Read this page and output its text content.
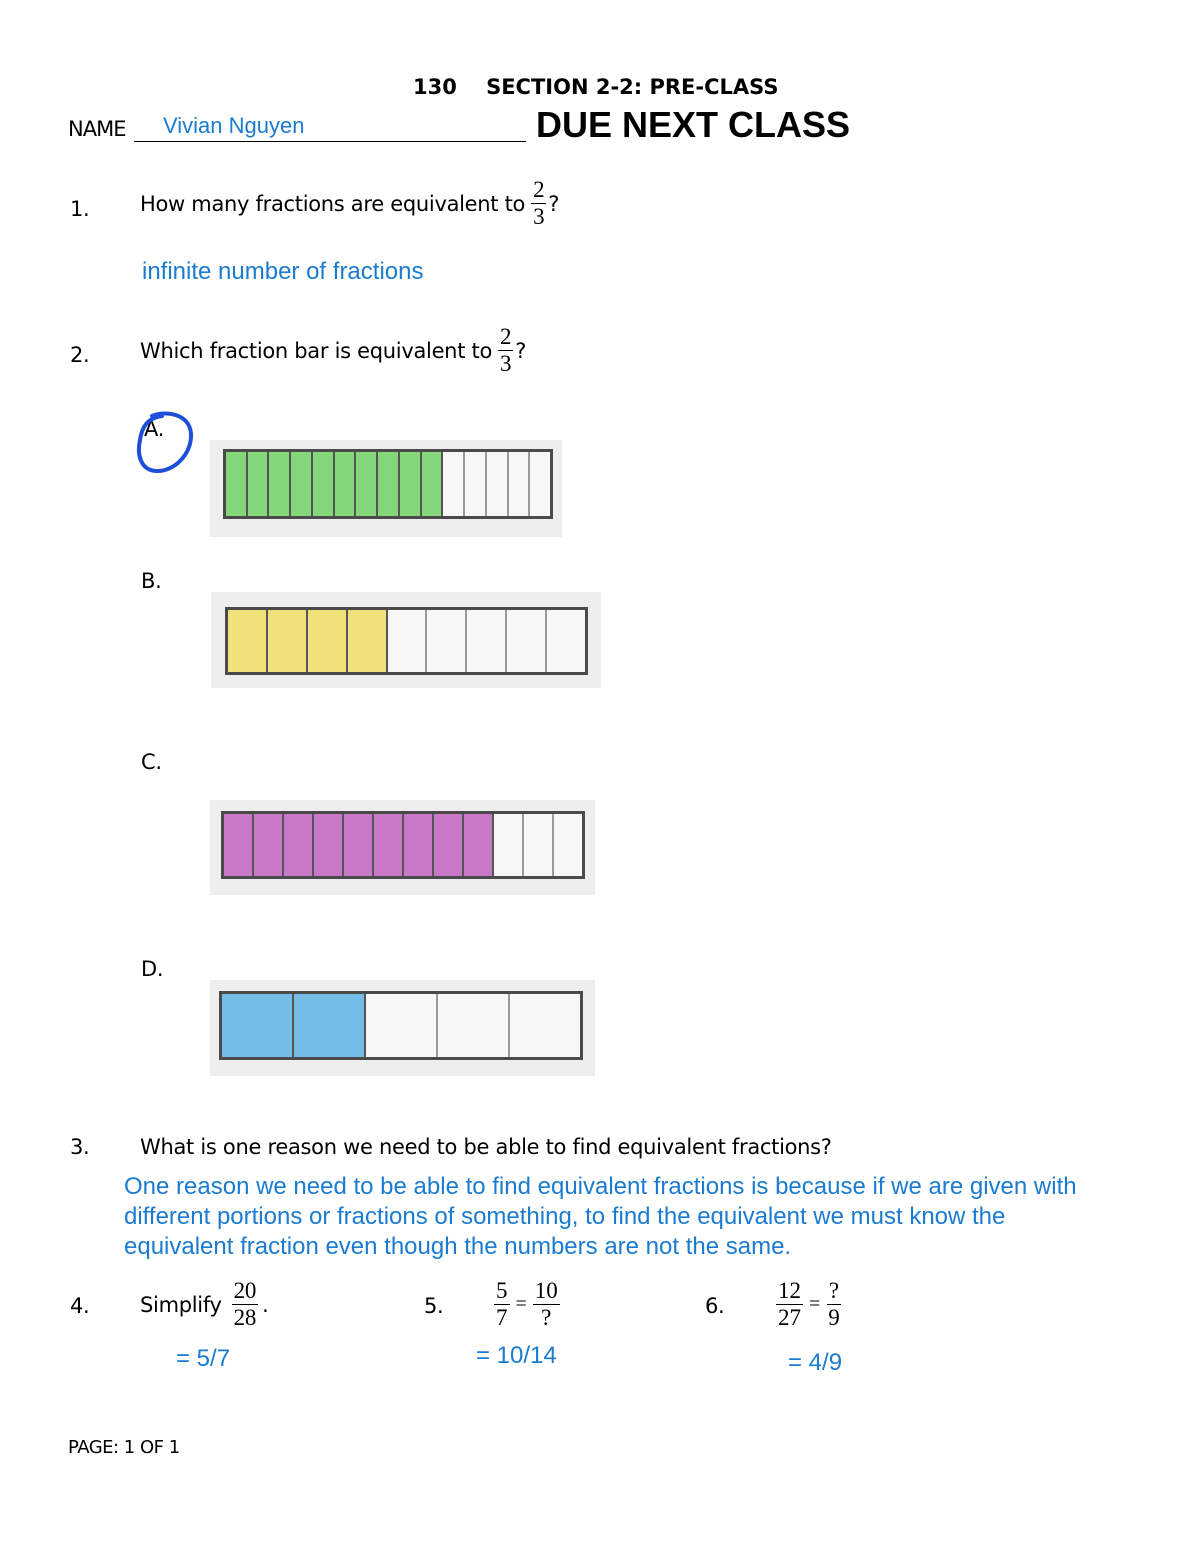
130    SECTION 2-2: PRE-CLASS
NAME Vivian Nguyen	DUE NEXT CLASS
1. How many fractions are equivalent to $\frac{2}{3}$ ?
infinite number of fractions
2. Which fraction bar is equivalent to $\frac{2}{3}$ ?
A.
B.
C.
D.
3. What is one reason we need to be able to find equivalent fractions?
One reason we need to be able to find equivalent fractions is because if we are given with
different portions or fractions of something, to find the equivalent we must know the
equivalent fraction even though the numbers are not the same.
4. Simplify $\frac{20}{28}$ .
= 5/7
5. $\frac{5}{7} = \frac{10}{?}$
= 10/14
6. $\frac{12}{27} = \frac{?}{9}$
= 4/9
PAGE: 1 OF 1
